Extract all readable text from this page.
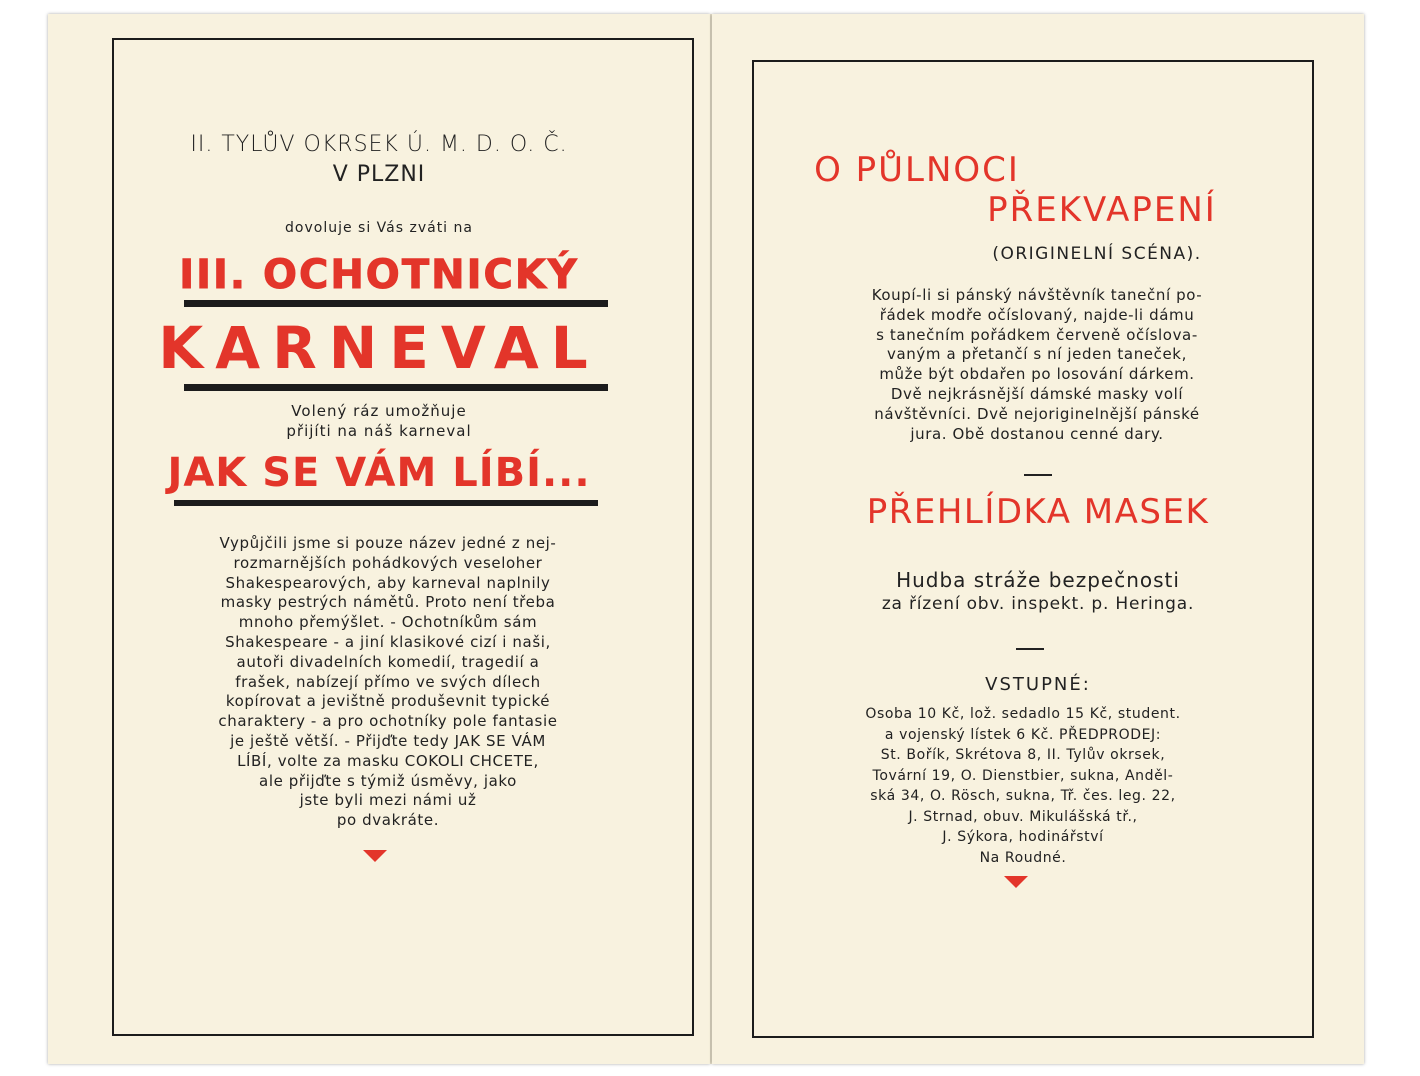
II. TYLŮV OKRSEK Ú. M. D. O. Č.
V PLZNI
dovoluje si Vás zváti na
III. OCHOTNICKÝ
KARNEVAL
Volený ráz umožňuje
přijíti na náš karneval
JAK SE VÁM LÍBÍ...
Vypůjčili jsme si pouze název jedné z nej-
rozmarnějších pohádkových veseloher
Shakespearových, aby karneval naplnily
masky pestrých námětů. Proto není třeba
mnoho přemýšlet. - Ochotníkům sám
Shakespeare - a jiní klasikové cizí i naši,
autoři divadelních komedií, tragedií a
frašek, nabízejí přímo ve svých dílech
kopírovat a jevištně produševnit typické
charaktery - a pro ochotníky pole fantasie
je ještě větší. - Přijďte tedy JAK SE VÁM
LÍBÍ, volte za masku COKOLI CHCETE,
ale přijďte s týmiž úsměvy, jako
jste byli mezi námi už
po dvakráte.
O PŮLNOCI
PŘEKVAPENÍ
(ORIGINELNÍ SCÉNA).
Koupí-li si pánský návštěvník taneční po-
řádek modře očíslovaný, najde-li dámu
s tanečním pořádkem červeně očíslova-
vaným a přetančí s ní jeden taneček,
může být obdařen po losování dárkem.
Dvě nejkrásnější dámské masky volí
návštěvníci. Dvě nejoriginelnější pánské
jura. Obě dostanou cenné dary.
PŘEHLÍDKA MASEK
Hudba stráže bezpečnosti
za řízení obv. inspekt. p. Heringa.
VSTUPNÉ:
Osoba 10 Kč, lož. sedadlo 15 Kč, student.
a vojenský lístek 6 Kč. PŘEDPRODEJ:
St. Bořík, Skrétova 8, II. Tylův okrsek,
Tovární 19, O. Dienstbier, sukna, Anděl-
ská 34, O. Rösch, sukna, Tř. čes. leg. 22,
J. Strnad, obuv. Mikulášská tř.,
J. Sýkora, hodinářství
Na Roudné.
